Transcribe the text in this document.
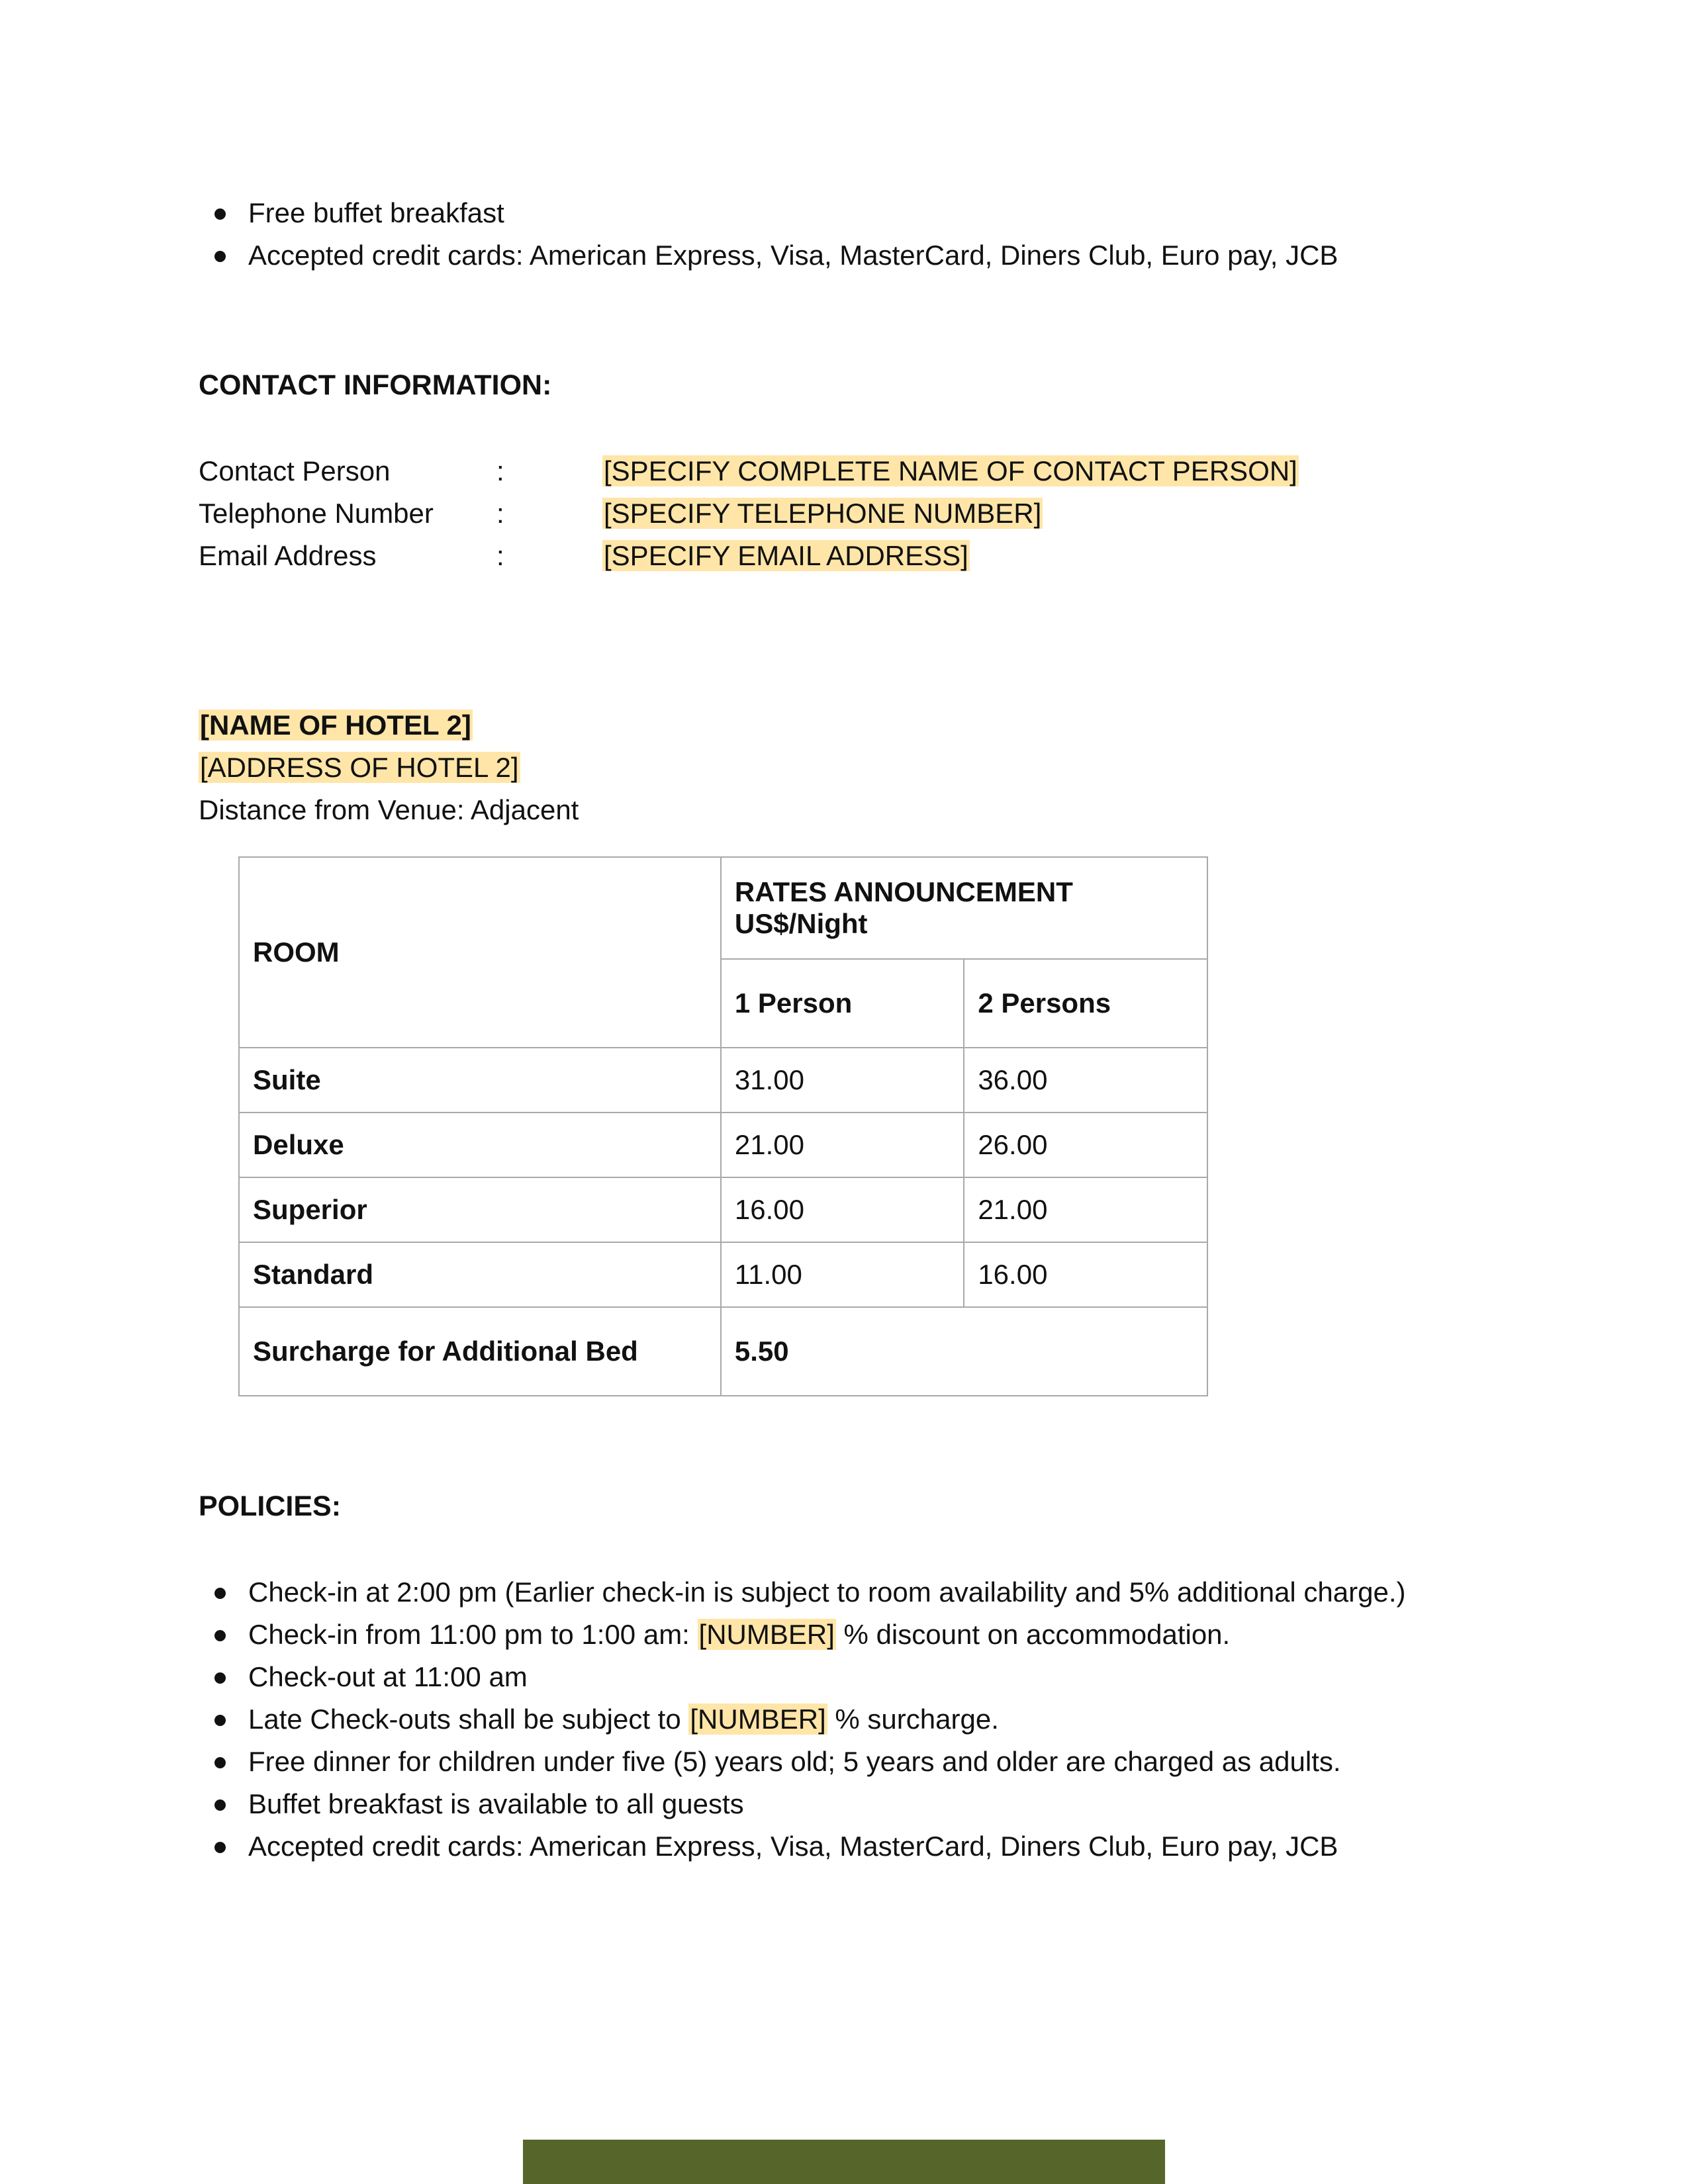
Free buffet breakfast
Accepted credit cards: American Express, Visa, MasterCard, Diners Club, Euro pay, JCB
CONTACT INFORMATION:
Contact Person	:	[SPECIFY COMPLETE NAME OF CONTACT PERSON]
Telephone Number	:	[SPECIFY TELEPHONE NUMBER]
Email Address	:	[SPECIFY EMAIL ADDRESS]
[NAME OF HOTEL 2]
[ADDRESS OF HOTEL 2]
Distance from Venue: Adjacent
ROOM	RATES ANNOUNCEMENT
US$/Night	

	1 Person	2 Persons
Suite	31.00	36.00
Deluxe	21.00	26.00
Superior	16.00	21.00
Standard	11.00	16.00
Surcharge for Additional Bed	5.50	
POLICIES:
Check-in at 2:00 pm (Earlier check-in is subject to room availability and 5% additional charge.)
Check-in from 11:00 pm to 1:00 am: [NUMBER] % discount on accommodation.
Check-out at 11:00 am
Late Check-outs shall be subject to [NUMBER] % surcharge.
Free dinner for children under five (5) years old; 5 years and older are charged as adults.
Buffet breakfast is available to all guests
Accepted credit cards: American Express, Visa, MasterCard, Diners Club, Euro pay, JCB
